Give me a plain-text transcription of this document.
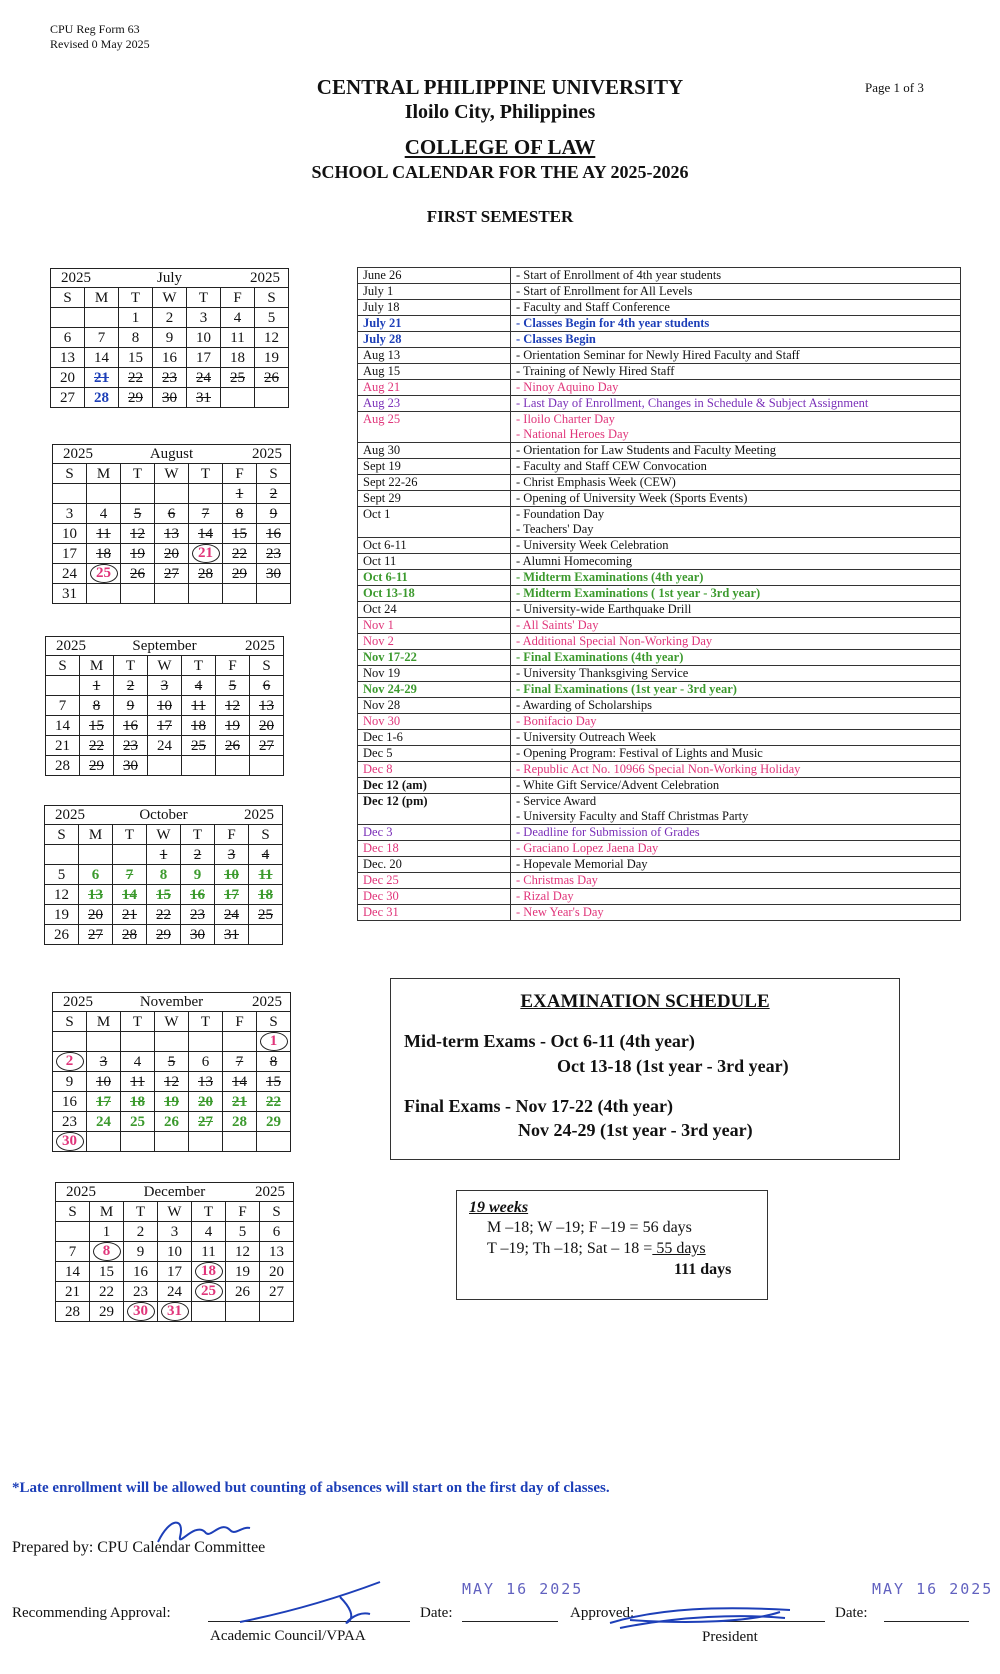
CPU Reg Form 63
Revised 0 May 2025
Page 1 of 3
CENTRAL PHILIPPINE UNIVERSITY
Iloilo City, Philippines
COLLEGE OF LAW
SCHOOL CALENDAR FOR THE AY 2025-2026
FIRST SEMESTER
2025	July	2025
S	M	T	W	T	F	S
		1	2	3	4	5
6	7	8	9	10	11	12
13	14	15	16	17	18	19
20	21	22	23	24	25	26
27	28	29	30	31		
2025	August	2025
S	M	T	W	T	F	S
					1	2
3	4	5	6	7	8	9
10	11	12	13	14	15	16
17	18	19	20	21	22	23
24	25	26	27	28	29	30
31						
2025	September	2025
S	M	T	W	T	F	S
	1	2	3	4	5	6
7	8	9	10	11	12	13
14	15	16	17	18	19	20
21	22	23	24	25	26	27
28	29	30				
2025	October	2025
S	M	T	W	T	F	S
			1	2	3	4
5	6	7	8	9	10	11
12	13	14	15	16	17	18
19	20	21	22	23	24	25
26	27	28	29	30	31	
2025	November	2025
S	M	T	W	T	F	S
						1
2	3	4	5	6	7	8
9	10	11	12	13	14	15
16	17	18	19	20	21	22
23	24	25	26	27	28	29
30						
2025	December	2025
S	M	T	W	T	F	S
	1	2	3	4	5	6
7	8	9	10	11	12	13
14	15	16	17	18	19	20
21	22	23	24	25	26	27
28	29	30	31			
June 26	- Start of Enrollment of 4th year students

July 1	- Start of Enrollment for All Levels

July 18	- Faculty and Staff Conference

July 21	- Classes Begin for 4th year students

July 28	- Classes Begin

Aug 13	- Orientation Seminar for Newly Hired Faculty and Staff

Aug 15	- Training of Newly Hired Staff

Aug 21	- Ninoy Aquino Day

Aug 23	- Last Day of Enrollment, Changes in Schedule & Subject Assignment

Aug 25	- Iloilo Charter Day
- National Heroes Day

Aug 30	- Orientation for Law Students and Faculty Meeting

Sept 19	- Faculty and Staff CEW Convocation

Sept 22-26	- Christ Emphasis Week (CEW)

Sept 29	- Opening of University Week (Sports Events)

Oct 1	- Foundation Day
- Teachers' Day

Oct 6-11	- University Week Celebration

Oct 11	- Alumni Homecoming

Oct 6-11	- Midterm Examinations (4th year)

Oct 13-18	- Midterm Examinations ( 1st year - 3rd year)

Oct 24	- University-wide Earthquake Drill

Nov 1	- All Saints' Day

Nov 2	- Additional Special Non-Working Day

Nov 17-22	- Final Examinations (4th year)

Nov 19	- University Thanksgiving Service

Nov 24-29	- Final Examinations (1st year - 3rd year)

Nov 28	- Awarding of Scholarships

Nov 30	- Bonifacio Day

Dec 1-6	- University Outreach Week

Dec 5	- Opening Program: Festival of Lights and Music

Dec 8	- Republic Act No. 10966 Special Non-Working Holiday

Dec 12 (am)	- White Gift Service/Advent Celebration

Dec 12 (pm)	- Service Award
- University Faculty and Staff Christmas Party

Dec 3	- Deadline for Submission of Grades

Dec 18	- Graciano Lopez Jaena Day

Dec. 20	- Hopevale Memorial Day

Dec 25	- Christmas Day

Dec 30	- Rizal Day

Dec 31	- New Year's Day
EXAMINATION SCHEDULE
Mid-term Exams - Oct 6-11 (4th year)
Oct 13-18 (1st year - 3rd year)
Final Exams - Nov 17-22 (4th year)
Nov 24-29 (1st year - 3rd year)
19 weeks
M –18; W –19; F –19 = 56 days
T –19; Th –18; Sat – 18 = 55 days
111 days
*Late enrollment will be allowed but counting of absences will start on the first day of classes.
Prepared by: CPU Calendar Committee
Recommending Approval:
Academic Council/VPAA
Date:
MAY 16 2025
Approved:
President
Date:
MAY 16 2025
